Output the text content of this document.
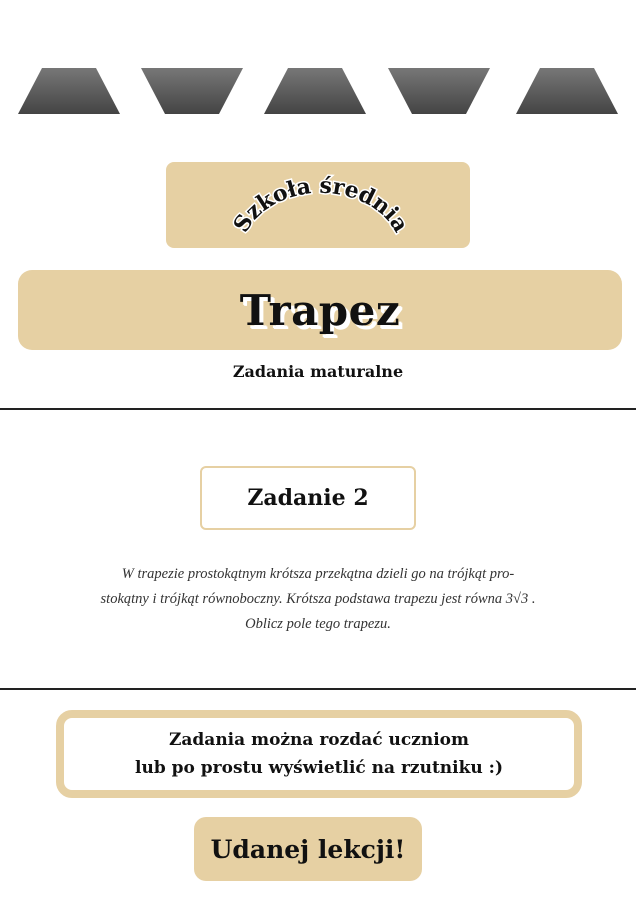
Szkoła średnia
Trapez
Zadania maturalne
Zadanie 2
W trapezie prostokątnym krótsza przekątna dzieli go na trójkąt pro-
stokątny i trójkąt równoboczny. Krótsza podstawa trapezu jest równa 3√3 .
Oblicz pole tego trapezu.
Zadania można rozdać uczniom
lub po prostu wyświetlić na rzutniku :)
Udanej lekcji!
